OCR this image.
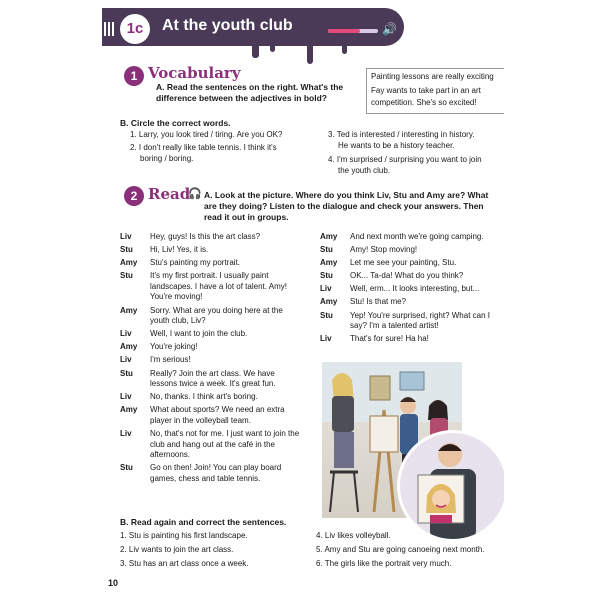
1c	At the youth club	🔊
1 Vocabulary
A. Read the sentences on the right. What's the difference between the adjectives in bold?
Painting lessons are really exciting
Fay wants to take part in an art
competition. She's so excited!
B. Circle the correct words.
1. Larry, you look tired / tiring. Are you OK?
2. I don't really like table tennis. I think it's
boring / boring.
3. Ted is interested / interesting in history.
He wants to be a history teacher.
4. I'm surprised / surprising you want to join
the youth club.
2 Read
🎧 A. Look at the picture. Where do you think Liv, Stu and Amy are? What are they doing? Listen to the dialogue and check your answers. Then read it out in groups.
Liv	Hey, guys! Is this the art class?
Stu	Hi, Liv! Yes, it is.
Amy	Stu's painting my portrait.
Stu	It's my first portrait. I usually paint landscapes. I have a lot of talent. Amy! You're moving!
Amy	Sorry. What are you doing here at the youth club, Liv?
Liv	Well, I want to join the club.
Amy	You're joking!
Liv	I'm serious!
Stu	Really? Join the art class. We have lessons twice a week. It's great fun.
Liv	No, thanks. I think art's boring.
Amy	What about sports? We need an extra player in the volleyball team.
Liv	No, that's not for me. I just want to join the club and hang out at the café in the afternoons.
Stu	Go on then! Join! You can play board games, chess and table tennis.
Amy	And next month we're going camping.
Stu	Amy! Stop moving!
Amy	Let me see your painting, Stu.
Stu	OK... Ta-da! What do you think?
Liv	Well, erm... It looks interesting, but...
Amy	Stu! Is that me?
Stu	Yep! You're surprised, right? What can I say? I'm a talented artist!
Liv	That's for sure! Ha ha!
B. Read again and correct the sentences.
1. Stu is painting his first landscape.
2. Liv wants to join the art class.
3. Stu has an art class once a week.
4. Liv likes volleyball.
5. Amy and Stu are going canoeing next month.
6. The girls like the portrait very much.
10
